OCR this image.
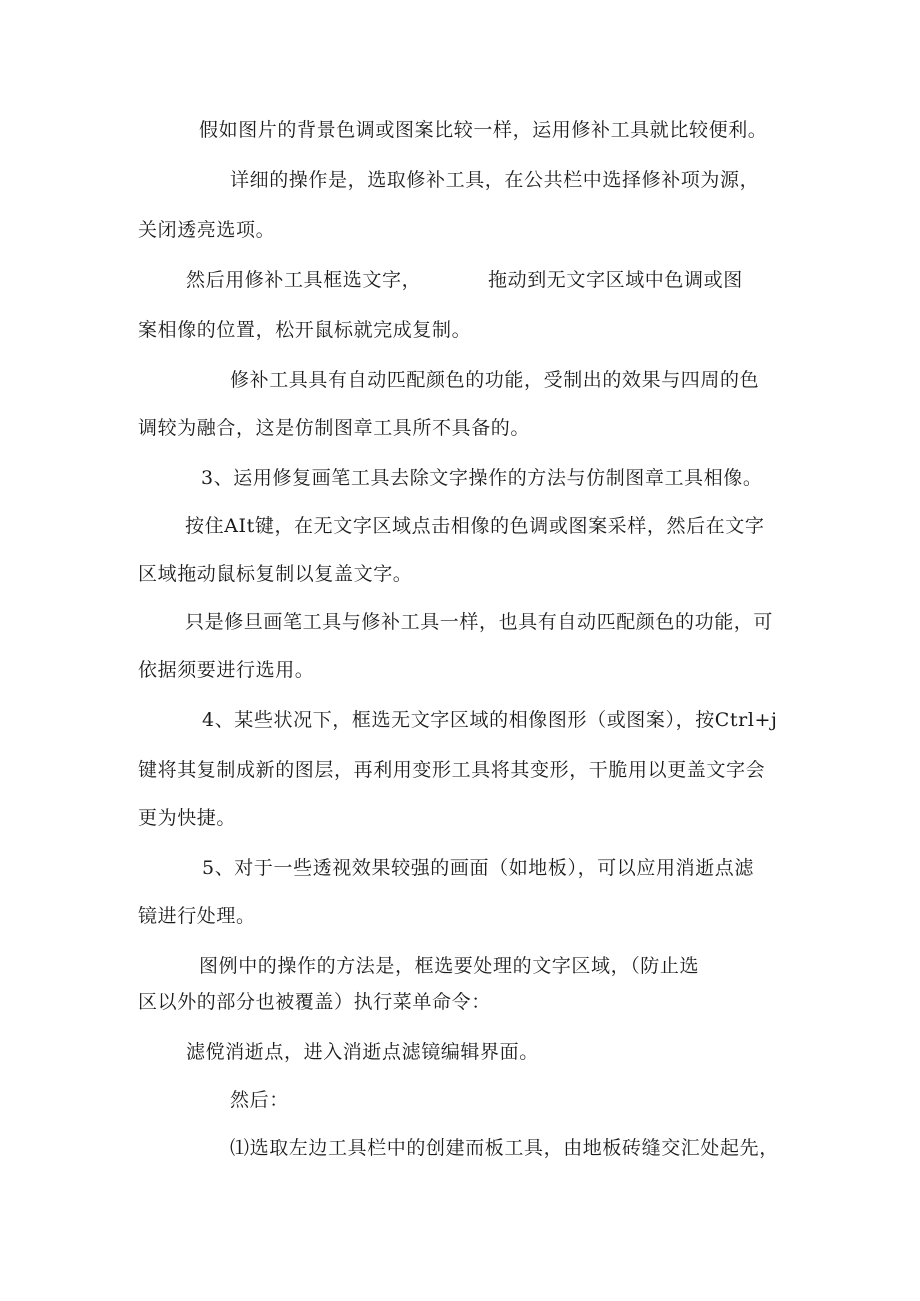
假如图片的背景色调或图案比较一样，运用修补工具就比较便利。
详细的操作是，选取修补工具，在公共栏中选择修补项为源，
关闭透亮选项。
然后用修补工具框选文字，	拖动到无文字区域中色调或图
案相像的位置，松开鼠标就完成复制。
修补工具具有自动匹配颜色的功能，受制出的效果与四周的色
调较为融合，这是仿制图章工具所不具备的。
3、运用修复画笔工具去除文字操作的方法与仿制图章工具相像。
按住AIt键，在无文字区域点击相像的色调或图案采样，然后在文字
区域拖动鼠标复制以复盖文字。
只是修旦画笔工具与修补工具一样，也具有自动匹配颜色的功能，可
依据须要进行选用。
4、某些状况下，框选无文字区域的相像图形（或图案），按Ctrl+j
键将其复制成新的图层，再利用变形工具将其变形，干脆用以更盖文字会
更为快捷。
5、对于一些透视效果较强的画面（如地板），可以应用消逝点滤
镜进行处理。
图例中的操作的方法是，框选要处理的文字区域，（防止选
区以外的部分也被覆盖）执行菜单命令：
滤傥消逝点，进入消逝点滤镜编辑界面。
然后：
⑴选取左边工具栏中的创建而板工具，由地板砖缝交汇处起先，
